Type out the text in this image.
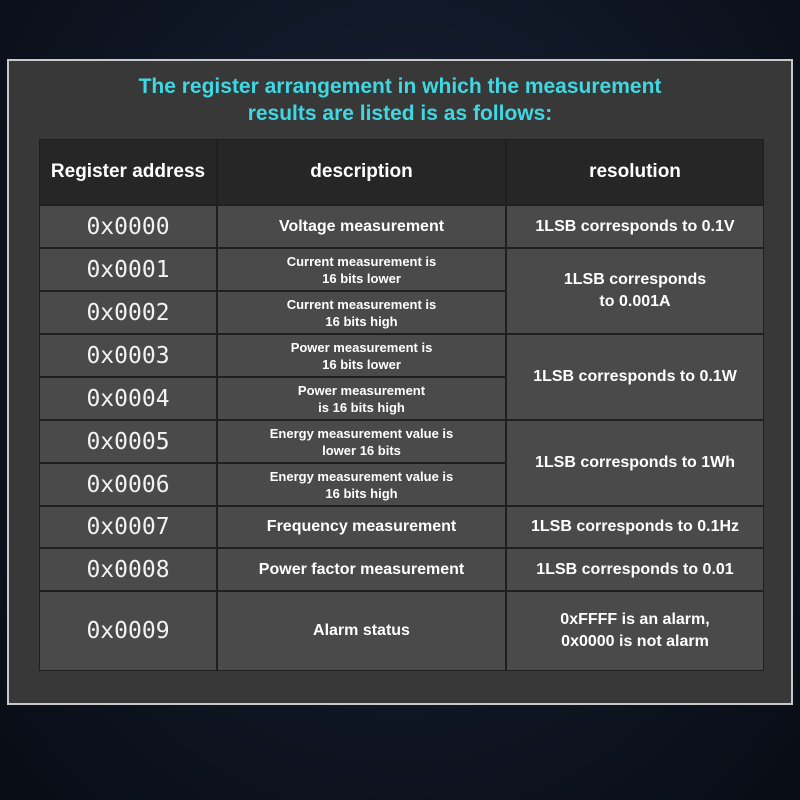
The register arrangement in which the measurement
results are listed is as follows:
Register address	description	resolution
0x0000
0x0001
0x0002
0x0003
0x0004
0x0005
0x0006
0x0007
0x0008
0x0009
Voltage measurement
Current measurement is
16 bits lower
Current measurement is
16 bits high
Power measurement is
16 bits lower
Power measurement
is 16 bits high
Energy measurement value is
lower 16 bits
Energy measurement value is
16 bits high
Frequency measurement
Power factor measurement
Alarm status
1LSB corresponds to 0.1V
1LSB corresponds
to 0.001A
1LSB corresponds to 0.1W
1LSB corresponds to 1Wh
1LSB corresponds to 0.1Hz
1LSB corresponds to 0.01
0xFFFF is an alarm,
0x0000 is not alarm
